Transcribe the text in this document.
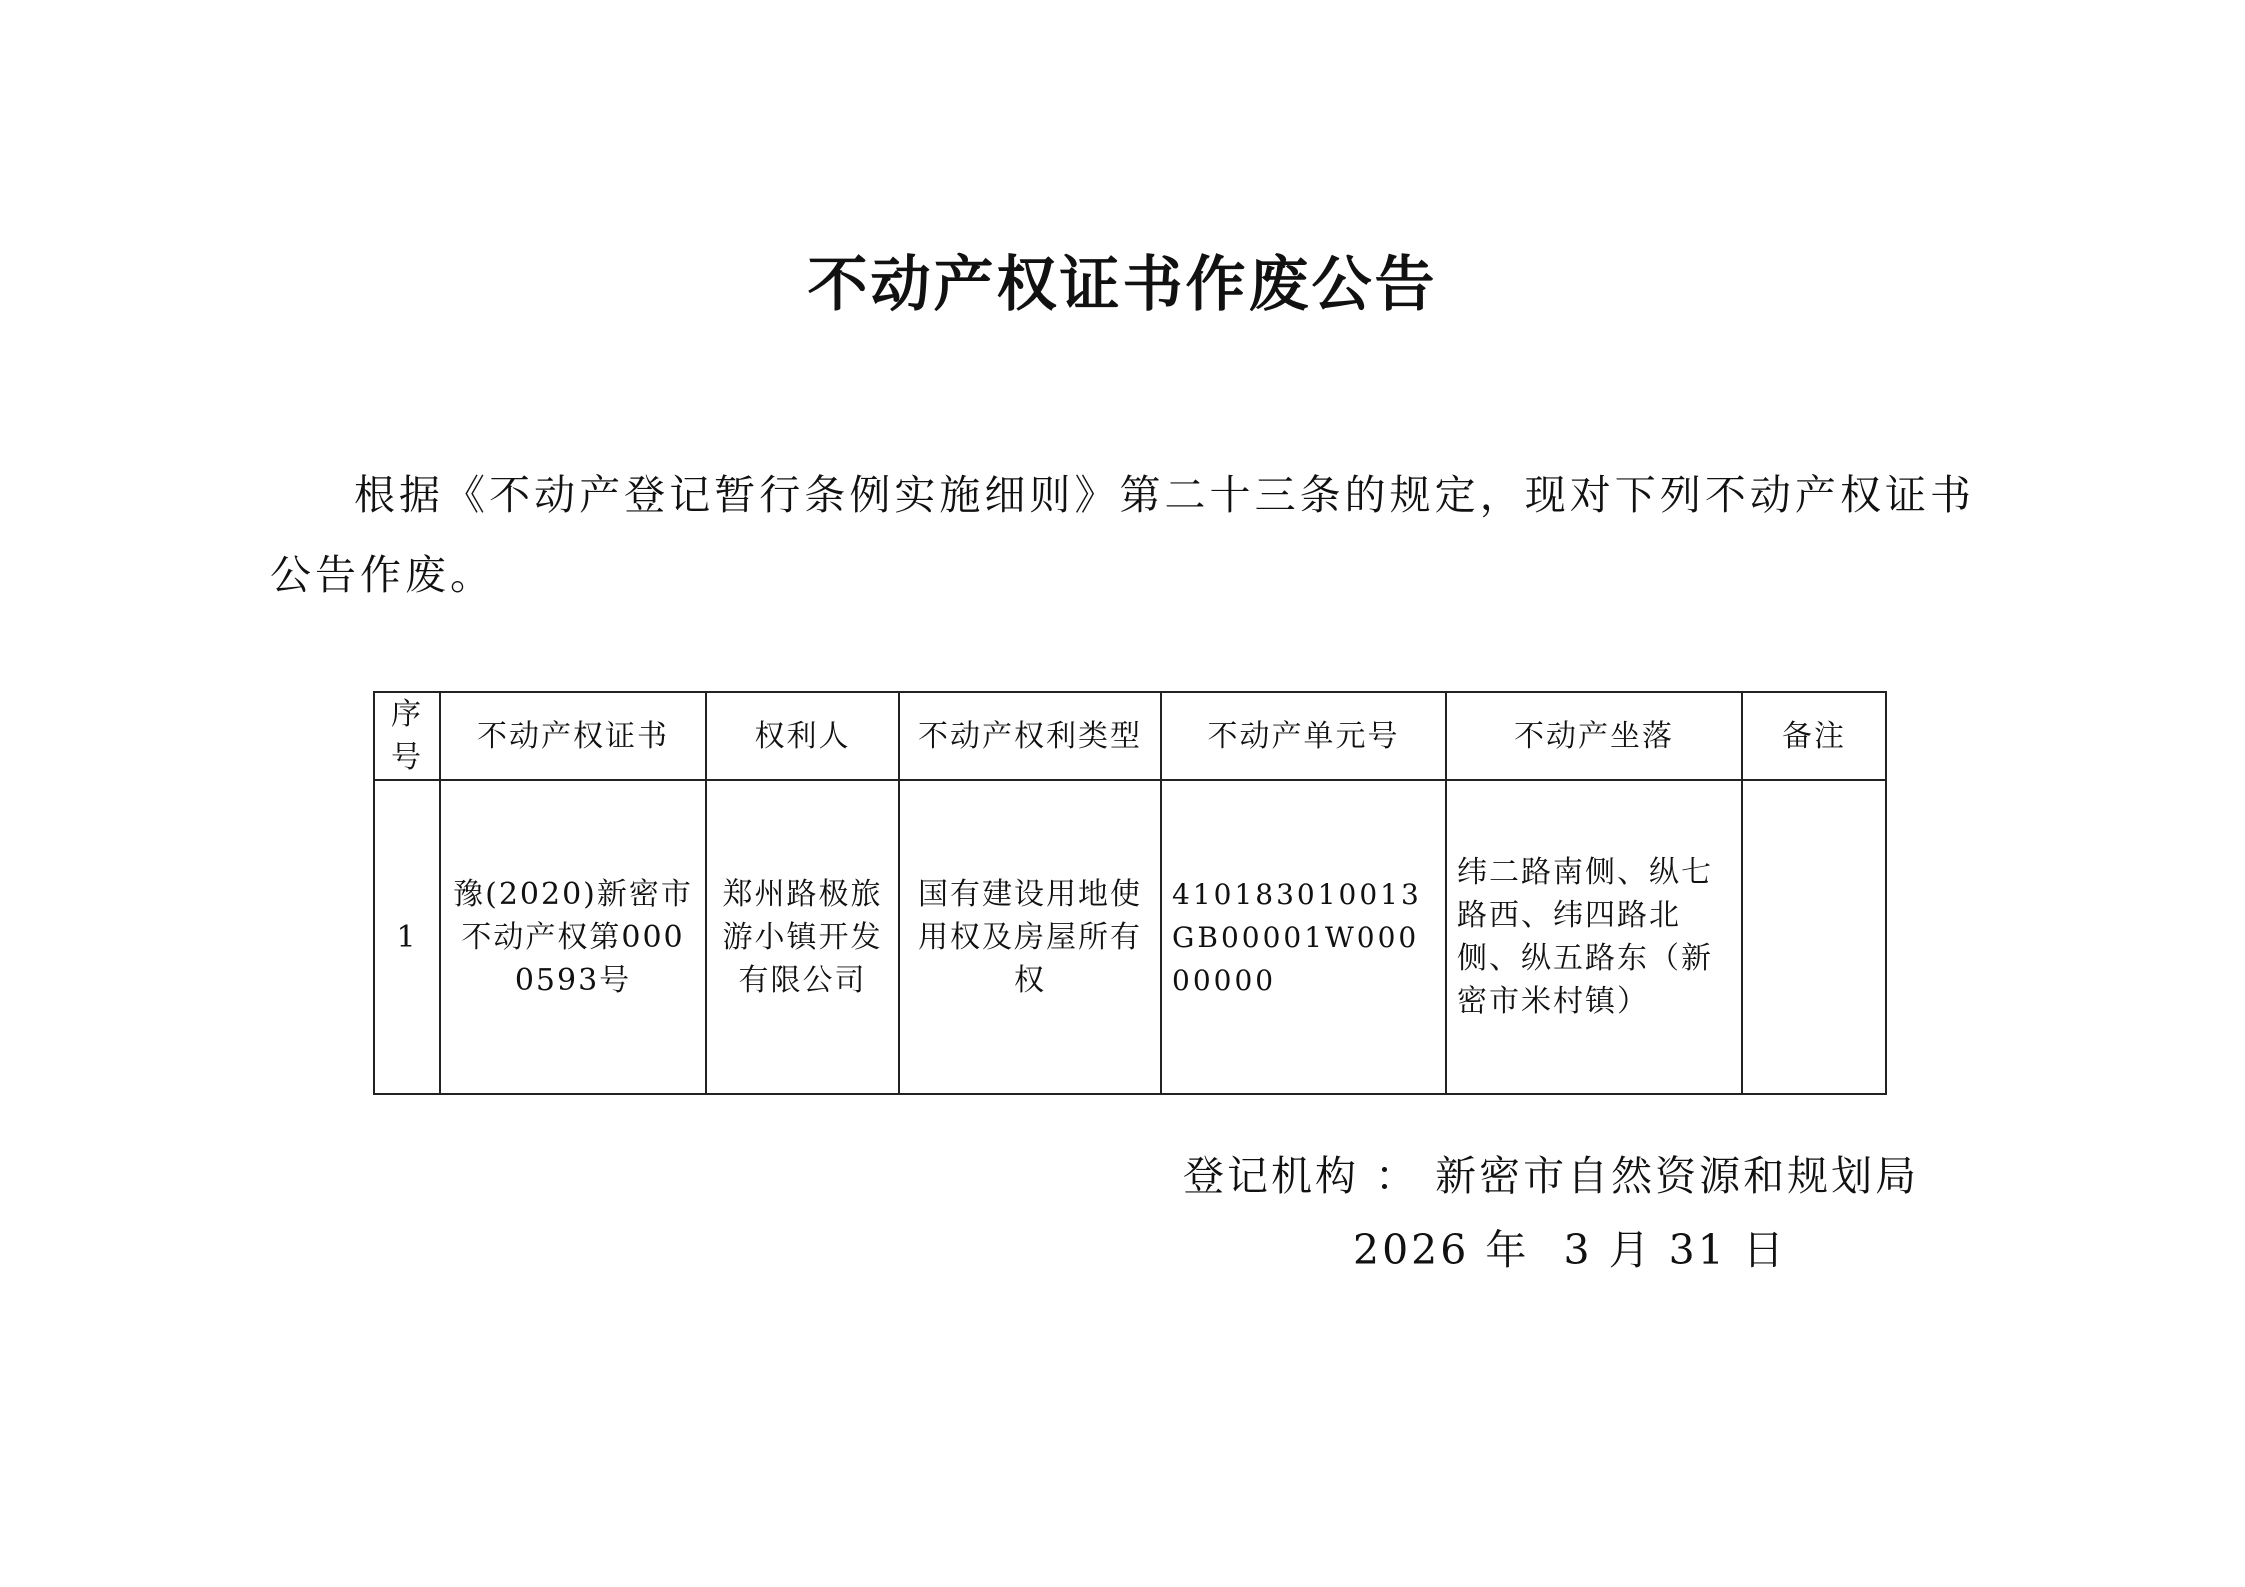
不动产权证书作废公告

根据《不动产登记暂行条例实施细则》第二十三条的规定，现对下列不动产权证书公告作废。

序号	不动产权证书	权利人	不动产权利类型	不动产单元号	不动产坐落	备注
1	豫(2020)新密市不动产权第0000593号	郑州路极旅游小镇开发有限公司	国有建设用地使用权及房屋所有权	410183010013GB00001W00000000	纬二路南侧、纵七路西、纬四路北侧、纵五路东（新密市米村镇）	
登记机构 ： 新密市自然资源和规划局
2026 年 3 月 31 日
